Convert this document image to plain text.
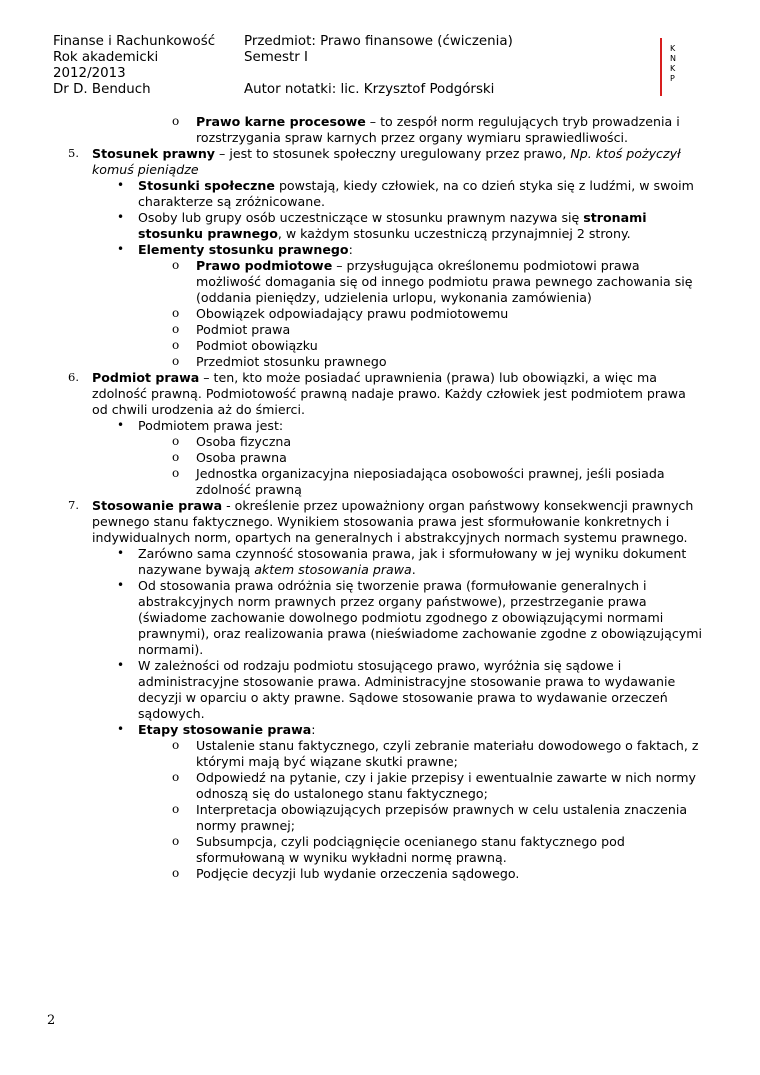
Finanse i Rachunkowość
Rok akademicki
2012/2013
Dr D. Benduch
Przedmiot: Prawo finansowe (ćwiczenia)
Semestr I
Autor notatki: lic. Krzysztof Podgórski
K
N
K
P
o Prawo karne procesowe – to zespół norm regulujących tryb prowadzenia i
rozstrzygania spraw karnych przez organy wymiaru sprawiedliwości.
5. Stosunek prawny – jest to stosunek społeczny uregulowany przez prawo, Np. ktoś pożyczył
komuś pieniądze
• Stosunki społeczne powstają, kiedy człowiek, na co dzień styka się z ludźmi, w swoim
charakterze są zróżnicowane.
• Osoby lub grupy osób uczestniczące w stosunku prawnym nazywa się stronami
stosunku prawnego, w każdym stosunku uczestniczą przynajmniej 2 strony.
• Elementy stosunku prawnego:
o Prawo podmiotowe – przysługująca określonemu podmiotowi prawa
możliwość domagania się od innego podmiotu prawa pewnego zachowania się
(oddania pieniędzy, udzielenia urlopu, wykonania zamówienia)
o Obowiązek odpowiadający prawu podmiotowemu
o Podmiot prawa
o Podmiot obowiązku
o Przedmiot stosunku prawnego
6. Podmiot prawa – ten, kto może posiadać uprawnienia (prawa) lub obowiązki, a więc ma
zdolność prawną. Podmiotowość prawną nadaje prawo. Każdy człowiek jest podmiotem prawa
od chwili urodzenia aż do śmierci.
• Podmiotem prawa jest:
o Osoba fizyczna
o Osoba prawna
o Jednostka organizacyjna nieposiadająca osobowości prawnej, jeśli posiada
zdolność prawną
7. Stosowanie prawa - określenie przez upoważniony organ państwowy konsekwencji prawnych
pewnego stanu faktycznego. Wynikiem stosowania prawa jest sformułowanie konkretnych i
indywidualnych norm, opartych na generalnych i abstrakcyjnych normach systemu prawnego.
• Zarówno sama czynność stosowania prawa, jak i sformułowany w jej wyniku dokument
nazywane bywają aktem stosowania prawa.
• Od stosowania prawa odróżnia się tworzenie prawa (formułowanie generalnych i
abstrakcyjnych norm prawnych przez organy państwowe), przestrzeganie prawa
(świadome zachowanie dowolnego podmiotu zgodnego z obowiązującymi normami
prawnymi), oraz realizowania prawa (nieświadome zachowanie zgodne z obowiązującymi
normami).
• W zależności od rodzaju podmiotu stosującego prawo, wyróżnia się sądowe i
administracyjne stosowanie prawa. Administracyjne stosowanie prawa to wydawanie
decyzji w oparciu o akty prawne. Sądowe stosowanie prawa to wydawanie orzeczeń
sądowych.
• Etapy stosowanie prawa:
o Ustalenie stanu faktycznego, czyli zebranie materiału dowodowego o faktach, z
którymi mają być wiązane skutki prawne;
o Odpowiedź na pytanie, czy i jakie przepisy i ewentualnie zawarte w nich normy
odnoszą się do ustalonego stanu faktycznego;
o Interpretacja obowiązujących przepisów prawnych w celu ustalenia znaczenia
normy prawnej;
o Subsumpcja, czyli podciągnięcie ocenianego stanu faktycznego pod
sformułowaną w wyniku wykładni normę prawną.
o Podjęcie decyzji lub wydanie orzeczenia sądowego.
2
